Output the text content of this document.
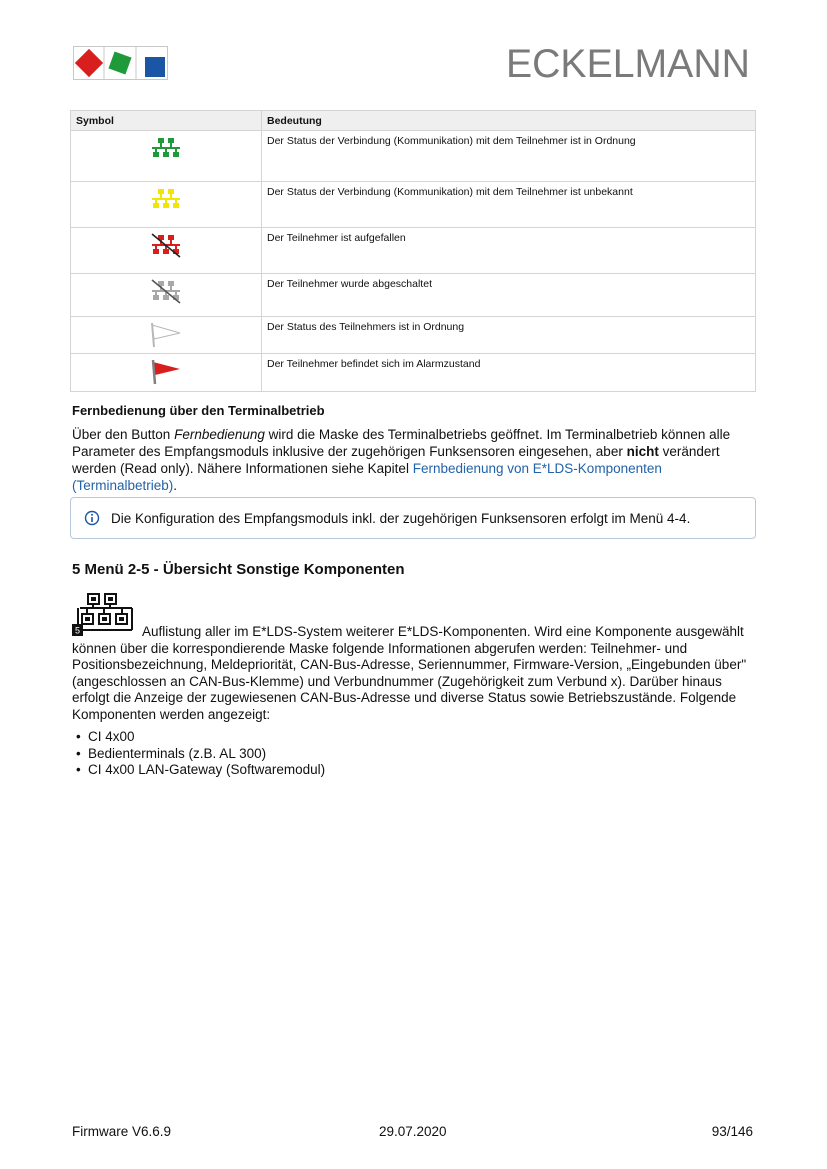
ECKELMANN
Symbol	Bedeutung
	Der Status der Verbindung (Kommunikation) mit dem Teilnehmer ist in Ordnung
	Der Status der Verbindung (Kommunikation) mit dem Teilnehmer ist unbekannt
	Der Teilnehmer ist aufgefallen
	Der Teilnehmer wurde abgeschaltet
	Der Status des Teilnehmers ist in Ordnung
	Der Teilnehmer befindet sich im Alarmzustand
Fernbedienung über den Terminalbetrieb
Über den Button Fernbedienung wird die Maske des Terminalbetriebs geöffnet. Im Terminalbetrieb können alle Parameter des Empfangsmoduls inklusive der zugehörigen Funksensoren eingesehen, aber nicht verändert werden (Read only). Nähere Informationen siehe Kapitel Fernbedienung von E*LDS-Komponenten (Terminalbetrieb).
Die Konfiguration des Empfangsmoduls inkl. der zugehörigen Funksensoren erfolgt im Menü 4-4.
5 Menü 2-5 - Übersicht Sonstige Komponenten
5	Auflistung aller im E*LDS-System weiterer E*LDS-Komponenten. Wird eine Komponente ausgewählt können über die korrespondierende Maske folgende Informationen abgerufen werden: Teilnehmer- und Positionsbezeichnung, Meldepriorität, CAN-Bus-Adresse, Seriennummer, Firmware-Version, „Eingebunden über" (angeschlossen an CAN-Bus-Klemme) und Verbundnummer (Zugehörigkeit zum Verbund x). Darüber hinaus erfolgt die Anzeige der zugewiesenen CAN-Bus-Adresse und diverse Status sowie Betriebszustände. Folgende Komponenten werden angezeigt:
• CI 4x00
• Bedienterminals (z.B. AL 300)
• CI 4x00 LAN-Gateway (Softwaremodul)
Firmware V6.6.9	29.07.2020	93/146
